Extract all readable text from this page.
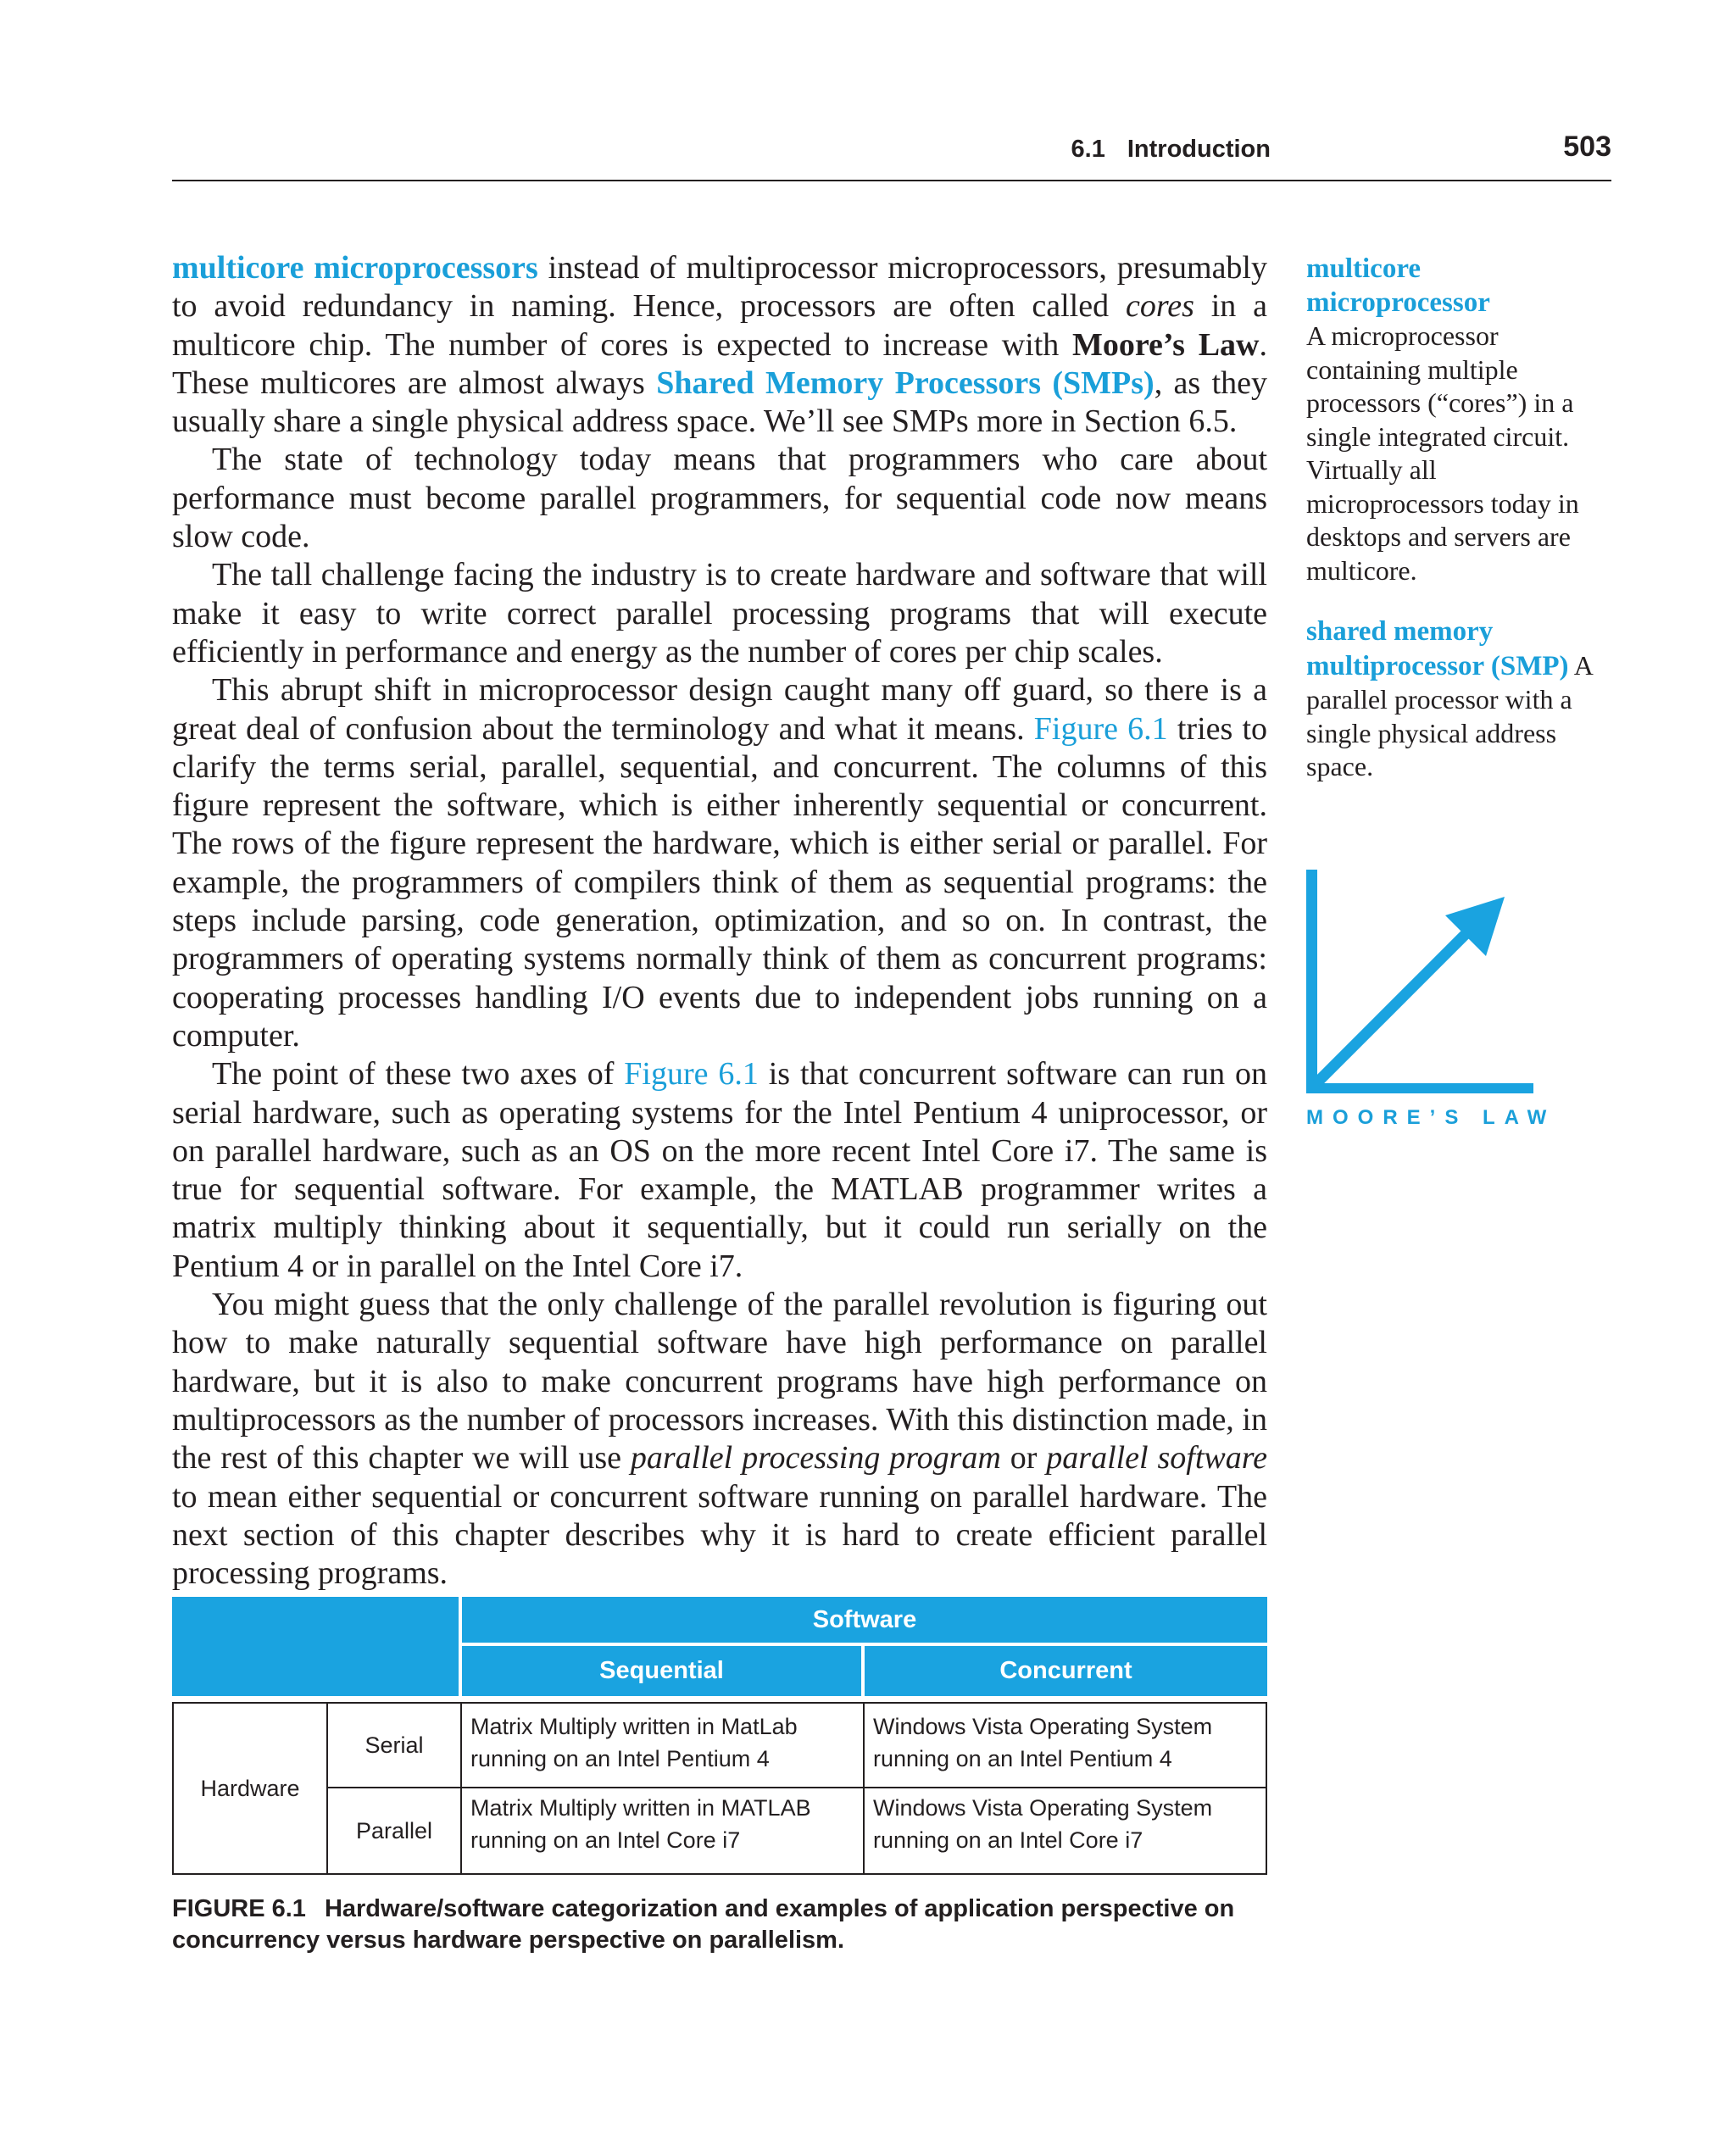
6.1 Introduction	503

multicore microprocessors instead of multiprocessor microprocessors, presumably to avoid redundancy in naming. Hence, processors are often called cores in a multicore chip. The number of cores is expected to increase with Moore’s Law. These multicores are almost always Shared Memory Processors (SMPs), as they usually share a single physical address space. We’ll see SMPs more in Section 6.5.

The state of technology today means that programmers who care about performance must become parallel programmers, for sequential code now means slow code.

The tall challenge facing the industry is to create hardware and software that will make it easy to write correct parallel processing programs that will execute efficiently in performance and energy as the number of cores per chip scales.

This abrupt shift in microprocessor design caught many off guard, so there is a great deal of confusion about the terminology and what it means. Figure 6.1 tries to clarify the terms serial, parallel, sequential, and concurrent. The columns of this figure represent the software, which is either inherently sequential or concurrent. The rows of the figure represent the hardware, which is either serial or parallel. For example, the programmers of compilers think of them as sequential programs: the steps include parsing, code generation, optimization, and so on. In contrast, the programmers of operating systems normally think of them as concurrent programs: cooperating processes handling I/O events due to independent jobs running on a computer.

The point of these two axes of Figure 6.1 is that concurrent software can run on serial hardware, such as operating systems for the Intel Pentium 4 uniprocessor, or on parallel hardware, such as an OS on the more recent Intel Core i7. The same is true for sequential software. For example, the MATLAB programmer writes a matrix multiply thinking about it sequentially, but it could run serially on the Pentium 4 or in parallel on the Intel Core i7.

You might guess that the only challenge of the parallel revolution is figuring out how to make naturally sequential software have high performance on parallel hardware, but it is also to make concurrent programs have high performance on multiprocessors as the number of processors increases. With this distinction made, in the rest of this chapter we will use parallel processing program or parallel software to mean either sequential or concurrent software running on parallel hardware. The next section of this chapter describes why it is hard to create efficient parallel processing programs.

multicore microprocessor
A microprocessor containing multiple processors (“cores”) in a single integrated circuit. Virtually all microprocessors today in desktops and servers are multicore.
shared memory multiprocessor (SMP) A parallel processor with a single physical address space.
MOORE’S LAW
Software
Sequential	Concurrent
Hardware
Serial
Parallel
Matrix Multiply written in MatLab
running on an Intel Pentium 4
Windows Vista Operating System
running on an Intel Pentium 4
Matrix Multiply written in MATLAB
running on an Intel Core i7
Windows Vista Operating System
running on an Intel Core i7
FIGURE 6.1 Hardware/software categorization and examples of application perspective on concurrency versus hardware perspective on parallelism.
